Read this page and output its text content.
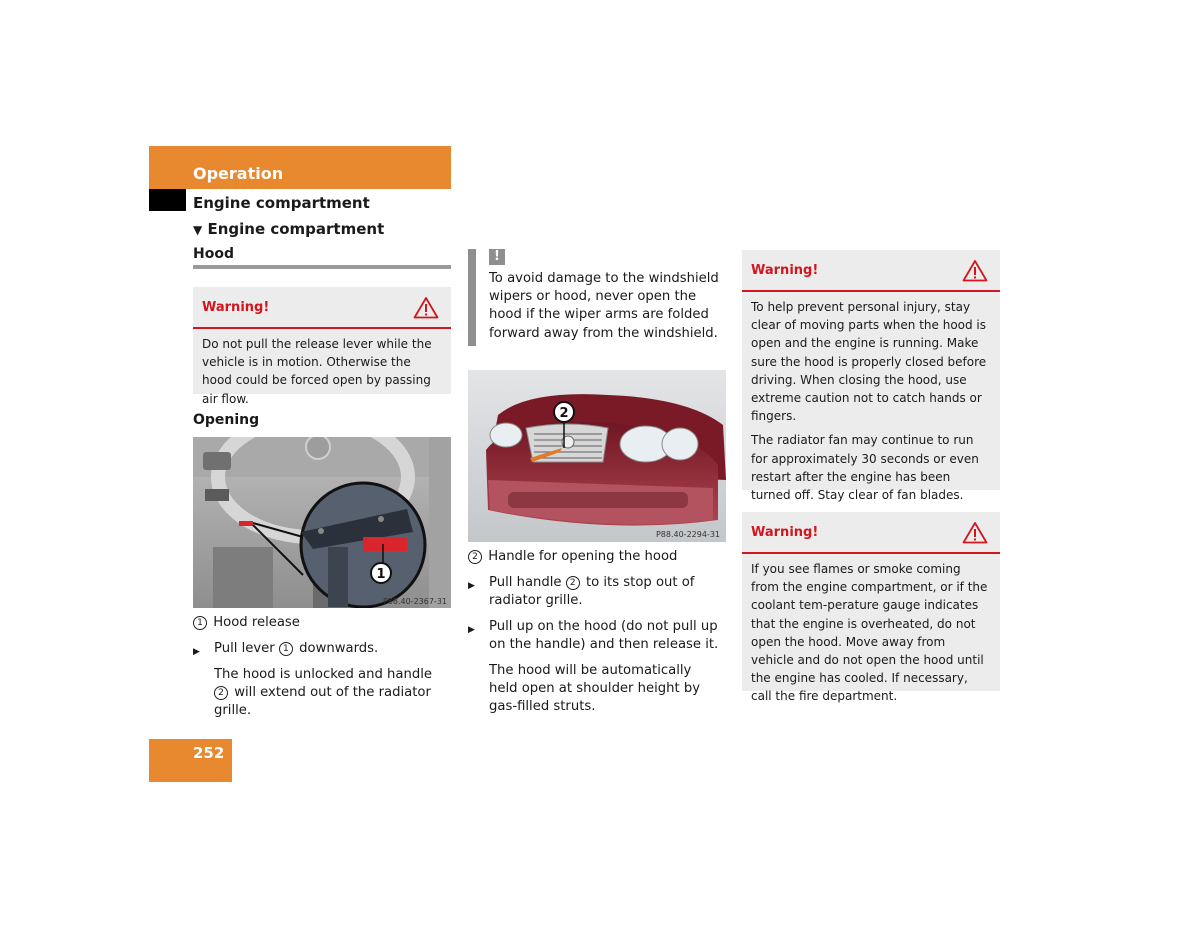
Operation
Engine compartment
▼ Engine compartment
Hood
Warning!

Do not pull the release lever while the vehicle is in motion. Otherwise the hood could be forced open by passing air flow.

Opening
1
P88.40-2367-31
1 Hood release
▶ Pull lever 1 downwards.
The hood is unlocked and handle 2 will extend out of the radiator grille.
!
To avoid damage to the windshield wipers or hood, never open the hood if the wiper arms are folded forward away from the windshield.
2
P88.40-2294-31
2 Handle for opening the hood
▶ Pull handle 2 to its stop out of radiator grille.
▶ Pull up on the hood (do not pull up on the handle) and then release it.
The hood will be automatically held open at shoulder height by gas-filled struts.
Warning!

To help prevent personal injury, stay clear of moving parts when the hood is open and the engine is running. Make sure the hood is properly closed before driving. When closing the hood, use extreme caution not to catch hands or fingers.

The radiator fan may continue to run for approximately 30 seconds or even restart after the engine has been turned off. Stay clear of fan blades.

Warning!

If you see flames or smoke coming from the engine compartment, or if the coolant tem-perature gauge indicates that the engine is overheated, do not open the hood. Move away from vehicle and do not open the hood until the engine has cooled. If necessary, call the fire department.

252
